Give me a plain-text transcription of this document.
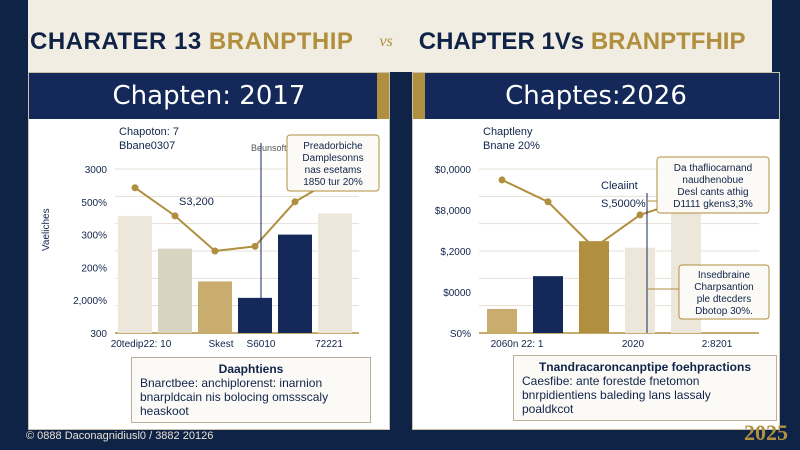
CHARATER 13 BRANPTHIP vs CHAPTER 1Vs BRANPTFHIP
Chapten: 2017
3000
500%
300%
200%
2,000%
300
Chapoton: 7
Bbane0307	Beunsoft
S3,200
Vaeliches
Preadorbiche
Damplesonns
nas esetams
1850 tur 20%
20tedip22: 10	Skest S6010	72221
Daaphtiens
Bnarctbee: anchiplorenst: inarnion
bnarpldcain nis bolocing omssscaly
heaskoot
Chaptes:2026
$0,0000
$8,0000
$,2000
$0000
S0%
Chaptleny
Bnane 20%
Cleaiint
S,5000%
Da thafliocarnand
naudhenobue
Desl cants athig
D1111 gkens3,3%
Insedbraine
Charpsantion
ple dtecders
Dbotop 30%.
2060n 22: 1	2020	2:8201
Tnandracaroncanptipe foehpractions
Caesfibe: ante forestde fnetomon
bnrpidientiens baleding lans lassaly
poaldkcot
© 0888 Daconagnidiusl0 / 3882 20126	2025
